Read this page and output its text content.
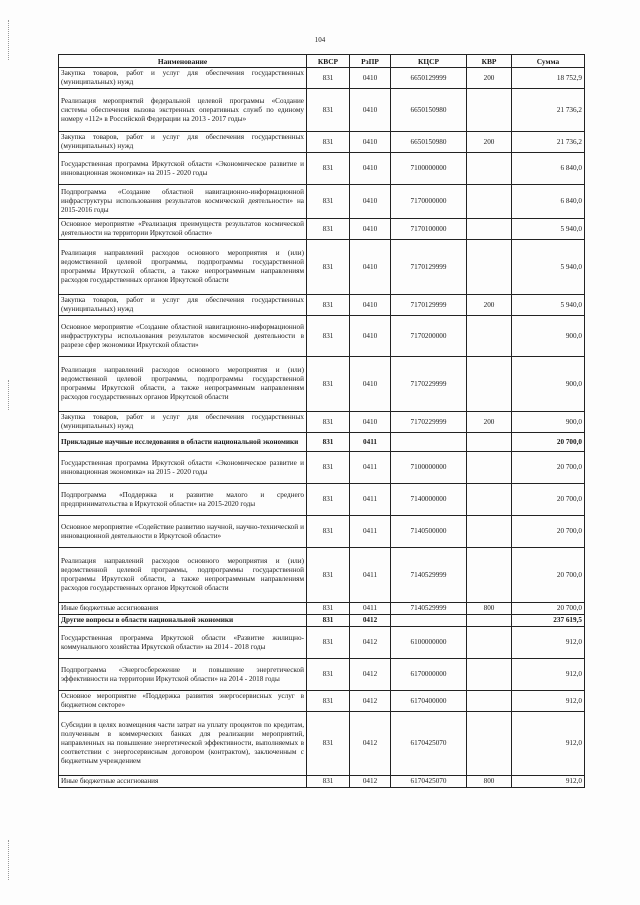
104
Наименование	КВСР	РзПР	КЦСР	КВР	Сумма
Закупка товаров, работ и услуг для обеспечения государственных (муниципальных) нужд	831	0410	6650129999	200	18 752,9
Реализация мероприятий федеральной целевой программы «Создание системы обеспечения вызова экстренных оперативных служб по единому номеру «112» в Российской Федерации на 2013 - 2017 годы»	831	0410	6650150980		21 736,2
Закупка товаров, работ и услуг для обеспечения государственных (муниципальных) нужд	831	0410	6650150980	200	21 736,2
Государственная программа Иркутской области «Экономическое развитие и инновационная экономика» на 2015 - 2020 годы	831	0410	7100000000		6 840,0
Подпрограмма «Создание областной навигационно-информационной инфраструктуры использования результатов космической деятельности» на 2015-2016 годы	831	0410	7170000000		6 840,0
Основное мероприятие «Реализация преимуществ результатов космической деятельности на территории Иркутской области»	831	0410	7170100000		5 940,0
Реализация направлений расходов основного мероприятия и (или) ведомственной целевой программы, подпрограммы государственной программы Иркутской области, а также непрограммным направлениям расходов государственных органов Иркутской области	831	0410	7170129999		5 940,0
Закупка товаров, работ и услуг для обеспечения государственных (муниципальных) нужд	831	0410	7170129999	200	5 940,0
Основное мероприятие «Создание областной навигационно-информационной инфраструктуры использования результатов космической деятельности в разрезе сфер экономики Иркутской области»	831	0410	7170200000		900,0
Реализация направлений расходов основного мероприятия и (или) ведомственной целевой программы, подпрограммы государственной программы Иркутской области, а также непрограммным направлениям расходов государственных органов Иркутской области	831	0410	7170229999		900,0
Закупка товаров, работ и услуг для обеспечения государственных (муниципальных) нужд	831	0410	7170229999	200	900,0
Прикладные научные исследования в области национальной экономики	831	0411			20 700,0
Государственная программа Иркутской области «Экономическое развитие и инновационная экономика» на 2015 - 2020 годы	831	0411	7100000000		20 700,0
Подпрограмма «Поддержка и развитие малого и среднего предпринимательства в Иркутской области» на 2015-2020 годы	831	0411	7140000000		20 700,0
Основное мероприятие «Содействие развитию научной, научно-технической и инновационной деятельности в Иркутской области»	831	0411	7140500000		20 700,0
Реализация направлений расходов основного мероприятия и (или) ведомственной целевой программы, подпрограммы государственной программы Иркутской области, а также непрограммным направлениям расходов государственных органов Иркутской области	831	0411	7140529999		20 700,0
Иные бюджетные ассигнования	831	0411	7140529999	800	20 700,0
Другие вопросы в области национальной экономики	831	0412			237 619,5
Государственная программа Иркутской области «Развитие жилищно-коммунального хозяйства Иркутской области» на 2014 - 2018 годы	831	0412	6100000000		912,0
Подпрограмма «Энергосбережение и повышение энергетической эффективности на территории Иркутской области» на 2014 - 2018 годы	831	0412	6170000000		912,0
Основное мероприятие «Поддержка развития энергосервисных услуг в бюджетном секторе»	831	0412	6170400000		912,0
Субсидии в целях возмещения части затрат на уплату процентов по кредитам, полученным в коммерческих банках для реализации мероприятий, направленных на повышение энергетической эффективности, выполняемых в соответствии с энергосервисным договором (контрактом), заключенным с бюджетным учреждением	831	0412	6170425070		912,0
Иные бюджетные ассигнования	831	0412	6170425070	800	912,0
